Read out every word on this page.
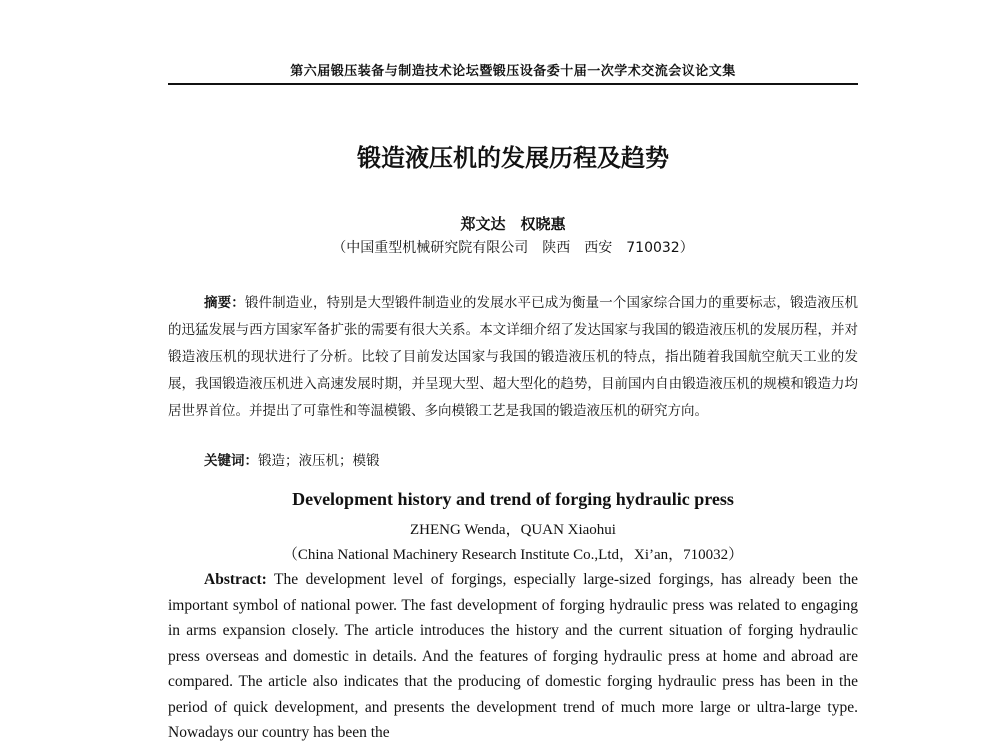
第六届锻压装备与制造技术论坛暨锻压设备委十届一次学术交流会议论文集
锻造液压机的发展历程及趋势
郑文达　权晓惠
（中国重型机械研究院有限公司　陕西　西安　710032）
摘要：锻件制造业，特别是大型锻件制造业的发展水平已成为衡量一个国家综合国力的重要标志，锻造液压机的迅猛发展与西方国家军备扩张的需要有很大关系。本文详细介绍了发达国家与我国的锻造液压机的发展历程，并对锻造液压机的现状进行了分析。比较了目前发达国家与我国的锻造液压机的特点，指出随着我国航空航天工业的发展，我国锻造液压机进入高速发展时期，并呈现大型、超大型化的趋势，目前国内自由锻造液压机的规模和锻造力均居世界首位。并提出了可靠性和等温模锻、多向模锻工艺是我国的锻造液压机的研究方向。
关键词：锻造；液压机；模锻
Development history and trend of forging hydraulic press
ZHENG Wenda，QUAN Xiaohui
（China National Machinery Research Institute Co.,Ltd，Xi’an，710032）
Abstract: The development level of forgings, especially large-sized forgings, has already been the important symbol of national power. The fast development of forging hydraulic press was related to engaging in arms expansion closely. The article introduces the history and the current situation of forging hydraulic press overseas and domestic in details. And the features of forging hydraulic press at home and abroad are compared. The article also indicates that the producing of domestic forging hydraulic press has been in the period of quick development, and presents the development trend of much more large or ultra-large type. Nowadays our country has been the
